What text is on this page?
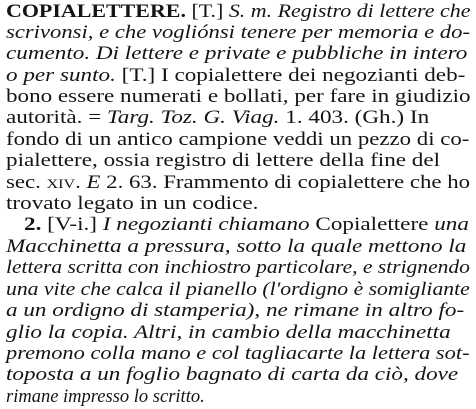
COPIALETTERE. [T.] S. m. Registro di lettere che
scrivonsi, e che vogliónsi tenere per memoria e do-
cumento. Di lettere e private e pubbliche in intero
o per sunto. [T.] I copialettere dei negozianti deb-
bono essere numerati e bollati, per fare in giudizio
autorità. = Targ. Toz. G. Viag. 1. 403. (Gh.) In
fondo di un antico campione veddi un pezzo di co-
pialettere, ossia registro di lettere della fine del
sec. xiv. E 2. 63. Frammento di copialettere che ho
trovato legato in un codice.
2. [V-i.] I negozianti chiamano Copialettere una
Macchinetta a pressura, sotto la quale mettono la
lettera scritta con inchiostro particolare, e strignendo
una vite che calca il pianello (l'ordigno è somigliante
a un ordigno di stamperia), ne rimane in altro fo-
glio la copia. Altri, in cambio della macchinetta
premono colla mano e col tagliacarte la lettera sot-
toposta a un foglio bagnato di carta da ciò, dove
rimane impresso lo scritto.
